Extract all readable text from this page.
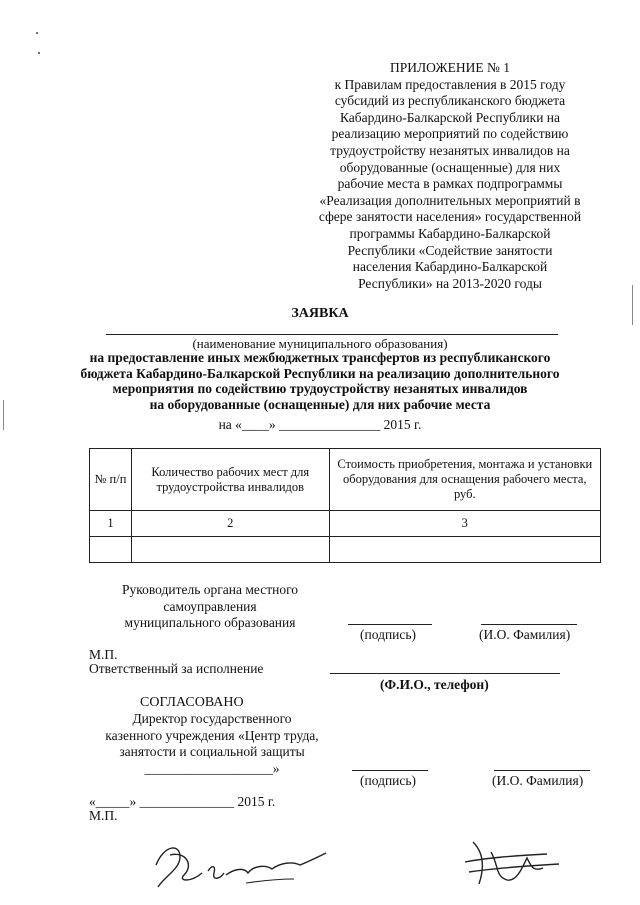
ПРИЛОЖЕНИЕ № 1
к Правилам предоставления в 2015 году
субсидий из республиканского бюджета
Кабардино-Балкарской Республики на
реализацию мероприятий по содействию
трудоустройству незанятых инвалидов на
оборудованные (оснащенные) для них
рабочие места в рамках подпрограммы
«Реализация дополнительных мероприятий в
сфере занятости населения» государственной
программы Кабардино-Балкарской
Республики «Содействие занятости
населения Кабардино-Балкарской
Республики» на 2013-2020 годы
ЗАЯВКА
(наименование муниципального образования)
на предоставление иных межбюджетных трансфертов из республиканского
бюджета Кабардино-Балкарской Республики на реализацию дополнительного
мероприятия по содействию трудоустройству незанятых инвалидов
на оборудованные (оснащенные) для них рабочие места
на «____» _______________ 2015 г.
№ п/п	Количество рабочих мест для трудоустройства инвалидов	Стоимость приобретения, монтажа и установки оборудования для оснащения рабочего места, руб.
1	2	3

Руководитель органа местного
самоуправления
муниципального образования
(подпись)	(И.О. Фамилия)
М.П.
Ответственный за исполнение
(Ф.И.О., телефон)
СОГЛАСОВАНО
Директор государственного
казенного учреждения «Центр труда,
занятости и социальной защиты
___________________»
(подпись)	(И.О. Фамилия)
«_____» ______________ 2015 г.
М.П.
